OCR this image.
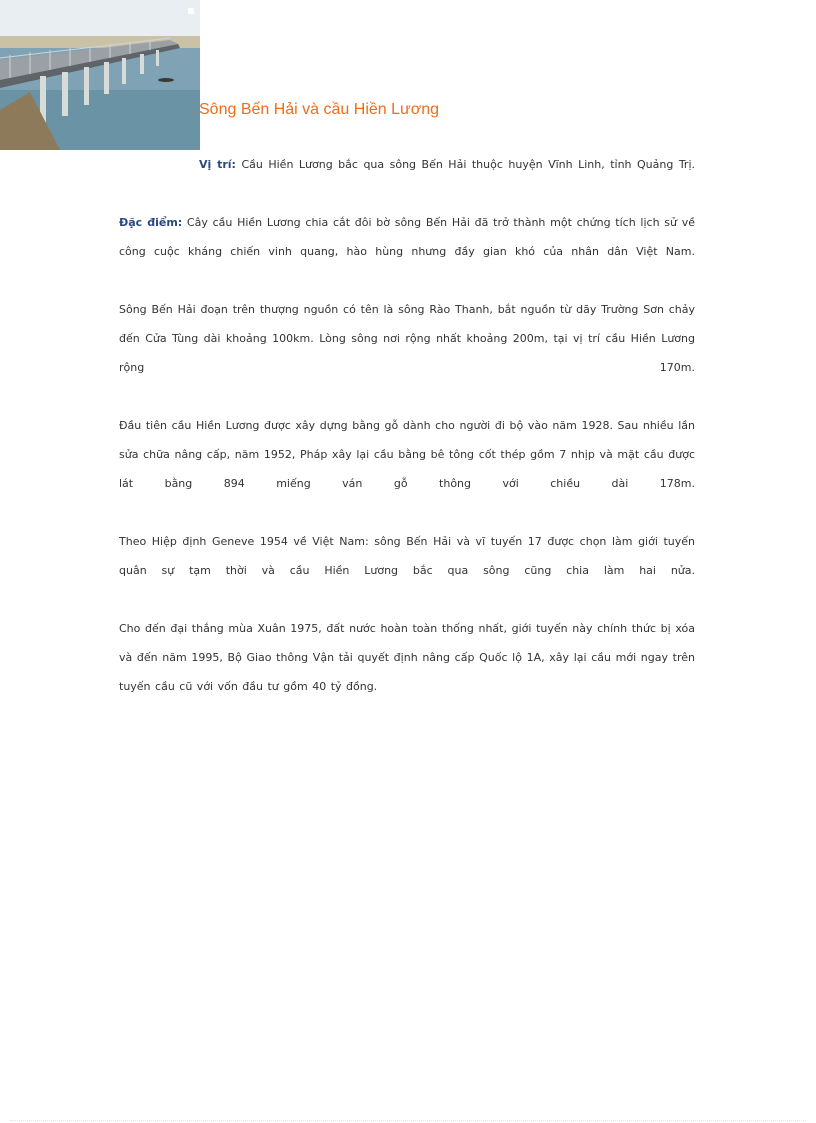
Sông Bến Hải và cầu Hiền Lương

Vị trí: Cầu Hiền Lương bắc qua sông Bến Hải thuộc huyện Vĩnh Linh, tỉnh Quảng Trị.

Đặc điểm: Cây cầu Hiền Lương chia cắt đôi bờ sông Bến Hải đã trở thành một chứng tích lịch sử về công cuộc kháng chiến vinh quang, hào hùng nhưng đầy gian khó của nhân dân Việt Nam.

Sông Bến Hải đoạn trên thượng nguồn có tên là sông Rào Thanh, bắt nguồn từ dãy Trường Sơn chảy đến Cửa Tùng dài khoảng 100km. Lòng sông nơi rộng nhất khoảng 200m, tại vị trí cầu Hiền Lương rộng 170m.

Đầu tiên cầu Hiền Lương được xây dựng bằng gỗ dành cho người đi bộ vào năm 1928. Sau nhiều lần sửa chữa nâng cấp, năm 1952, Pháp xây lại cầu bằng bê tông cốt thép gồm 7 nhịp và mặt cầu được lát bằng 894 miếng ván gỗ thông với chiều dài 178m.

Theo Hiệp định Geneve 1954 về Việt Nam: sông Bến Hải và vĩ tuyến 17 được chọn làm giới tuyến quân sự tạm thời và cầu Hiền Lương bắc qua sông cũng chia làm hai nửa.

Cho đến đại thắng mùa Xuân 1975, đất nước hoàn toàn thống nhất, giới tuyến này chính thức bị xóa và đến năm 1995, Bộ Giao thông Vận tải quyết định nâng cấp Quốc lộ 1A, xây lại cầu mới ngay trên tuyến cầu cũ với vốn đầu tư gồm 40 tỷ đồng.
